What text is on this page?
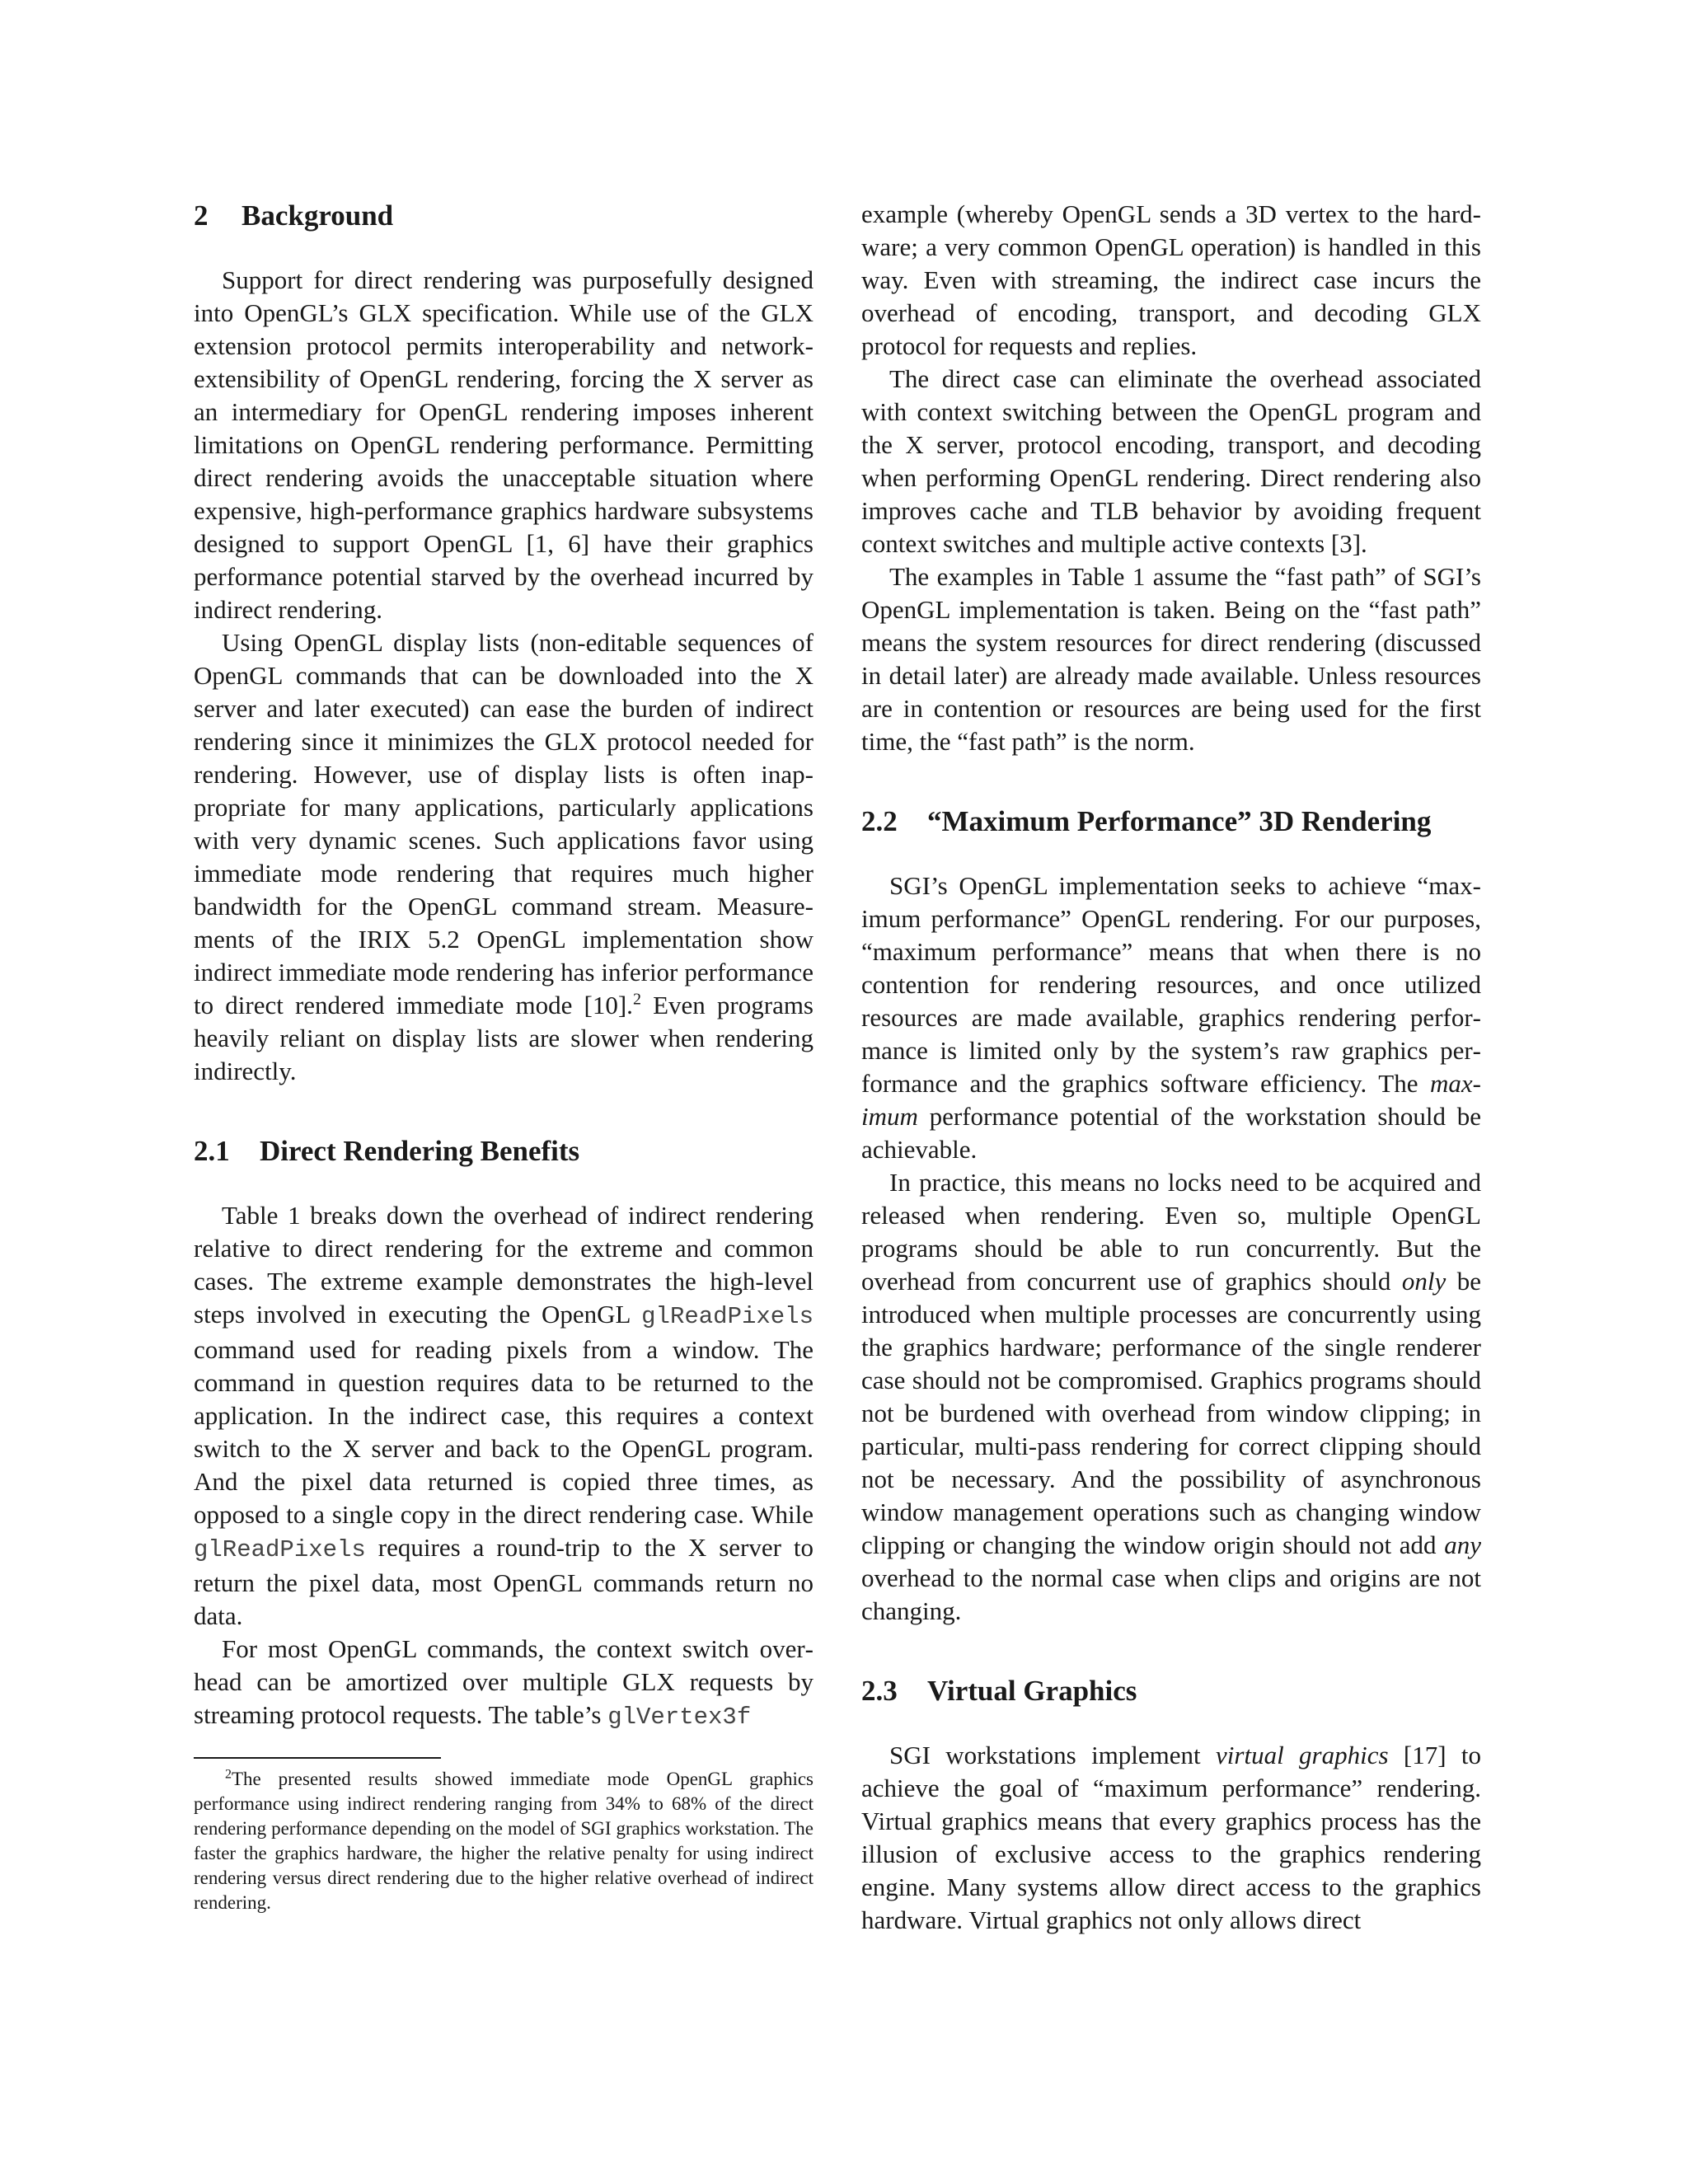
2 Background

Support for direct rendering was purposefully designed into OpenGL’s GLX specification. While use of the GLX extension protocol permits interoperability and network-extensibility of OpenGL rendering, forcing the X server as an intermediary for OpenGL rendering imposes inherent limitations on OpenGL rendering performance. Permitting direct rendering avoids the unacceptable situation where expensive, high-performance graphics hardware subsystems designed to support OpenGL [1, 6] have their graphics performance potential starved by the overhead incurred by indirect rendering.

Using OpenGL display lists (non-editable sequences of OpenGL commands that can be downloaded into the X server and later executed) can ease the burden of indirect rendering since it minimizes the GLX protocol needed for rendering. However, use of display lists is often inappropriate for many applications, particularly applications with very dynamic scenes. Such applications favor using immediate mode rendering that requires much higher bandwidth for the OpenGL command stream. Measurements of the IRIX 5.2 OpenGL implementation show indirect immediate mode rendering has inferior performance to direct rendered immediate mode [10].$^2$ Even programs heavily reliant on display lists are slower when rendering indirectly.

2.1 Direct Rendering Benefits

Table 1 breaks down the overhead of indirect rendering relative to direct rendering for the extreme and common cases. The extreme example demonstrates the high-level steps involved in executing the OpenGL glReadPixels command used for reading pixels from a window. The command in question requires data to be returned to the application. In the indirect case, this requires a context switch to the X server and back to the OpenGL program. And the pixel data returned is copied three times, as opposed to a single copy in the direct rendering case. While glReadPixels requires a round-trip to the X server to return the pixel data, most OpenGL commands return no data.

For most OpenGL commands, the context switch overhead can be amortized over multiple GLX requests by streaming protocol requests. The table’s glVertex3f

$^2$The presented results showed immediate mode OpenGL graphics performance using indirect rendering ranging from 34% to 68% of the direct rendering performance depending on the model of SGI graphics workstation. The faster the graphics hardware, the higher the relative penalty for using indirect rendering versus direct rendering due to the higher relative overhead of indirect rendering.

example (whereby OpenGL sends a 3D vertex to the hardware; a very common OpenGL operation) is handled in this way. Even with streaming, the indirect case incurs the overhead of encoding, transport, and decoding GLX protocol for requests and replies.

The direct case can eliminate the overhead associated with context switching between the OpenGL program and the X server, protocol encoding, transport, and decoding when performing OpenGL rendering. Direct rendering also improves cache and TLB behavior by avoiding frequent context switches and multiple active contexts [3].

The examples in Table 1 assume the “fast path” of SGI’s OpenGL implementation is taken. Being on the “fast path” means the system resources for direct rendering (discussed in detail later) are already made available. Unless resources are in contention or resources are being used for the first time, the “fast path” is the norm.

2.2 “Maximum Performance” 3D Rendering

SGI’s OpenGL implementation seeks to achieve “maximum performance” OpenGL rendering. For our purposes, “maximum performance” means that when there is no contention for rendering resources, and once utilized resources are made available, graphics rendering performance is limited only by the system’s raw graphics performance and the graphics software efficiency. The maximum performance potential of the workstation should be achievable.

In practice, this means no locks need to be acquired and released when rendering. Even so, multiple OpenGL programs should be able to run concurrently. But the overhead from concurrent use of graphics should only be introduced when multiple processes are concurrently using the graphics hardware; performance of the single renderer case should not be compromised. Graphics programs should not be burdened with overhead from window clipping; in particular, multi-pass rendering for correct clipping should not be necessary. And the possibility of asynchronous window management operations such as changing window clipping or changing the window origin should not add any overhead to the normal case when clips and origins are not changing.

2.3 Virtual Graphics

SGI workstations implement virtual graphics [17] to achieve the goal of “maximum performance” rendering. Virtual graphics means that every graphics process has the illusion of exclusive access to the graphics rendering engine. Many systems allow direct access to the graphics hardware. Virtual graphics not only allows direct
